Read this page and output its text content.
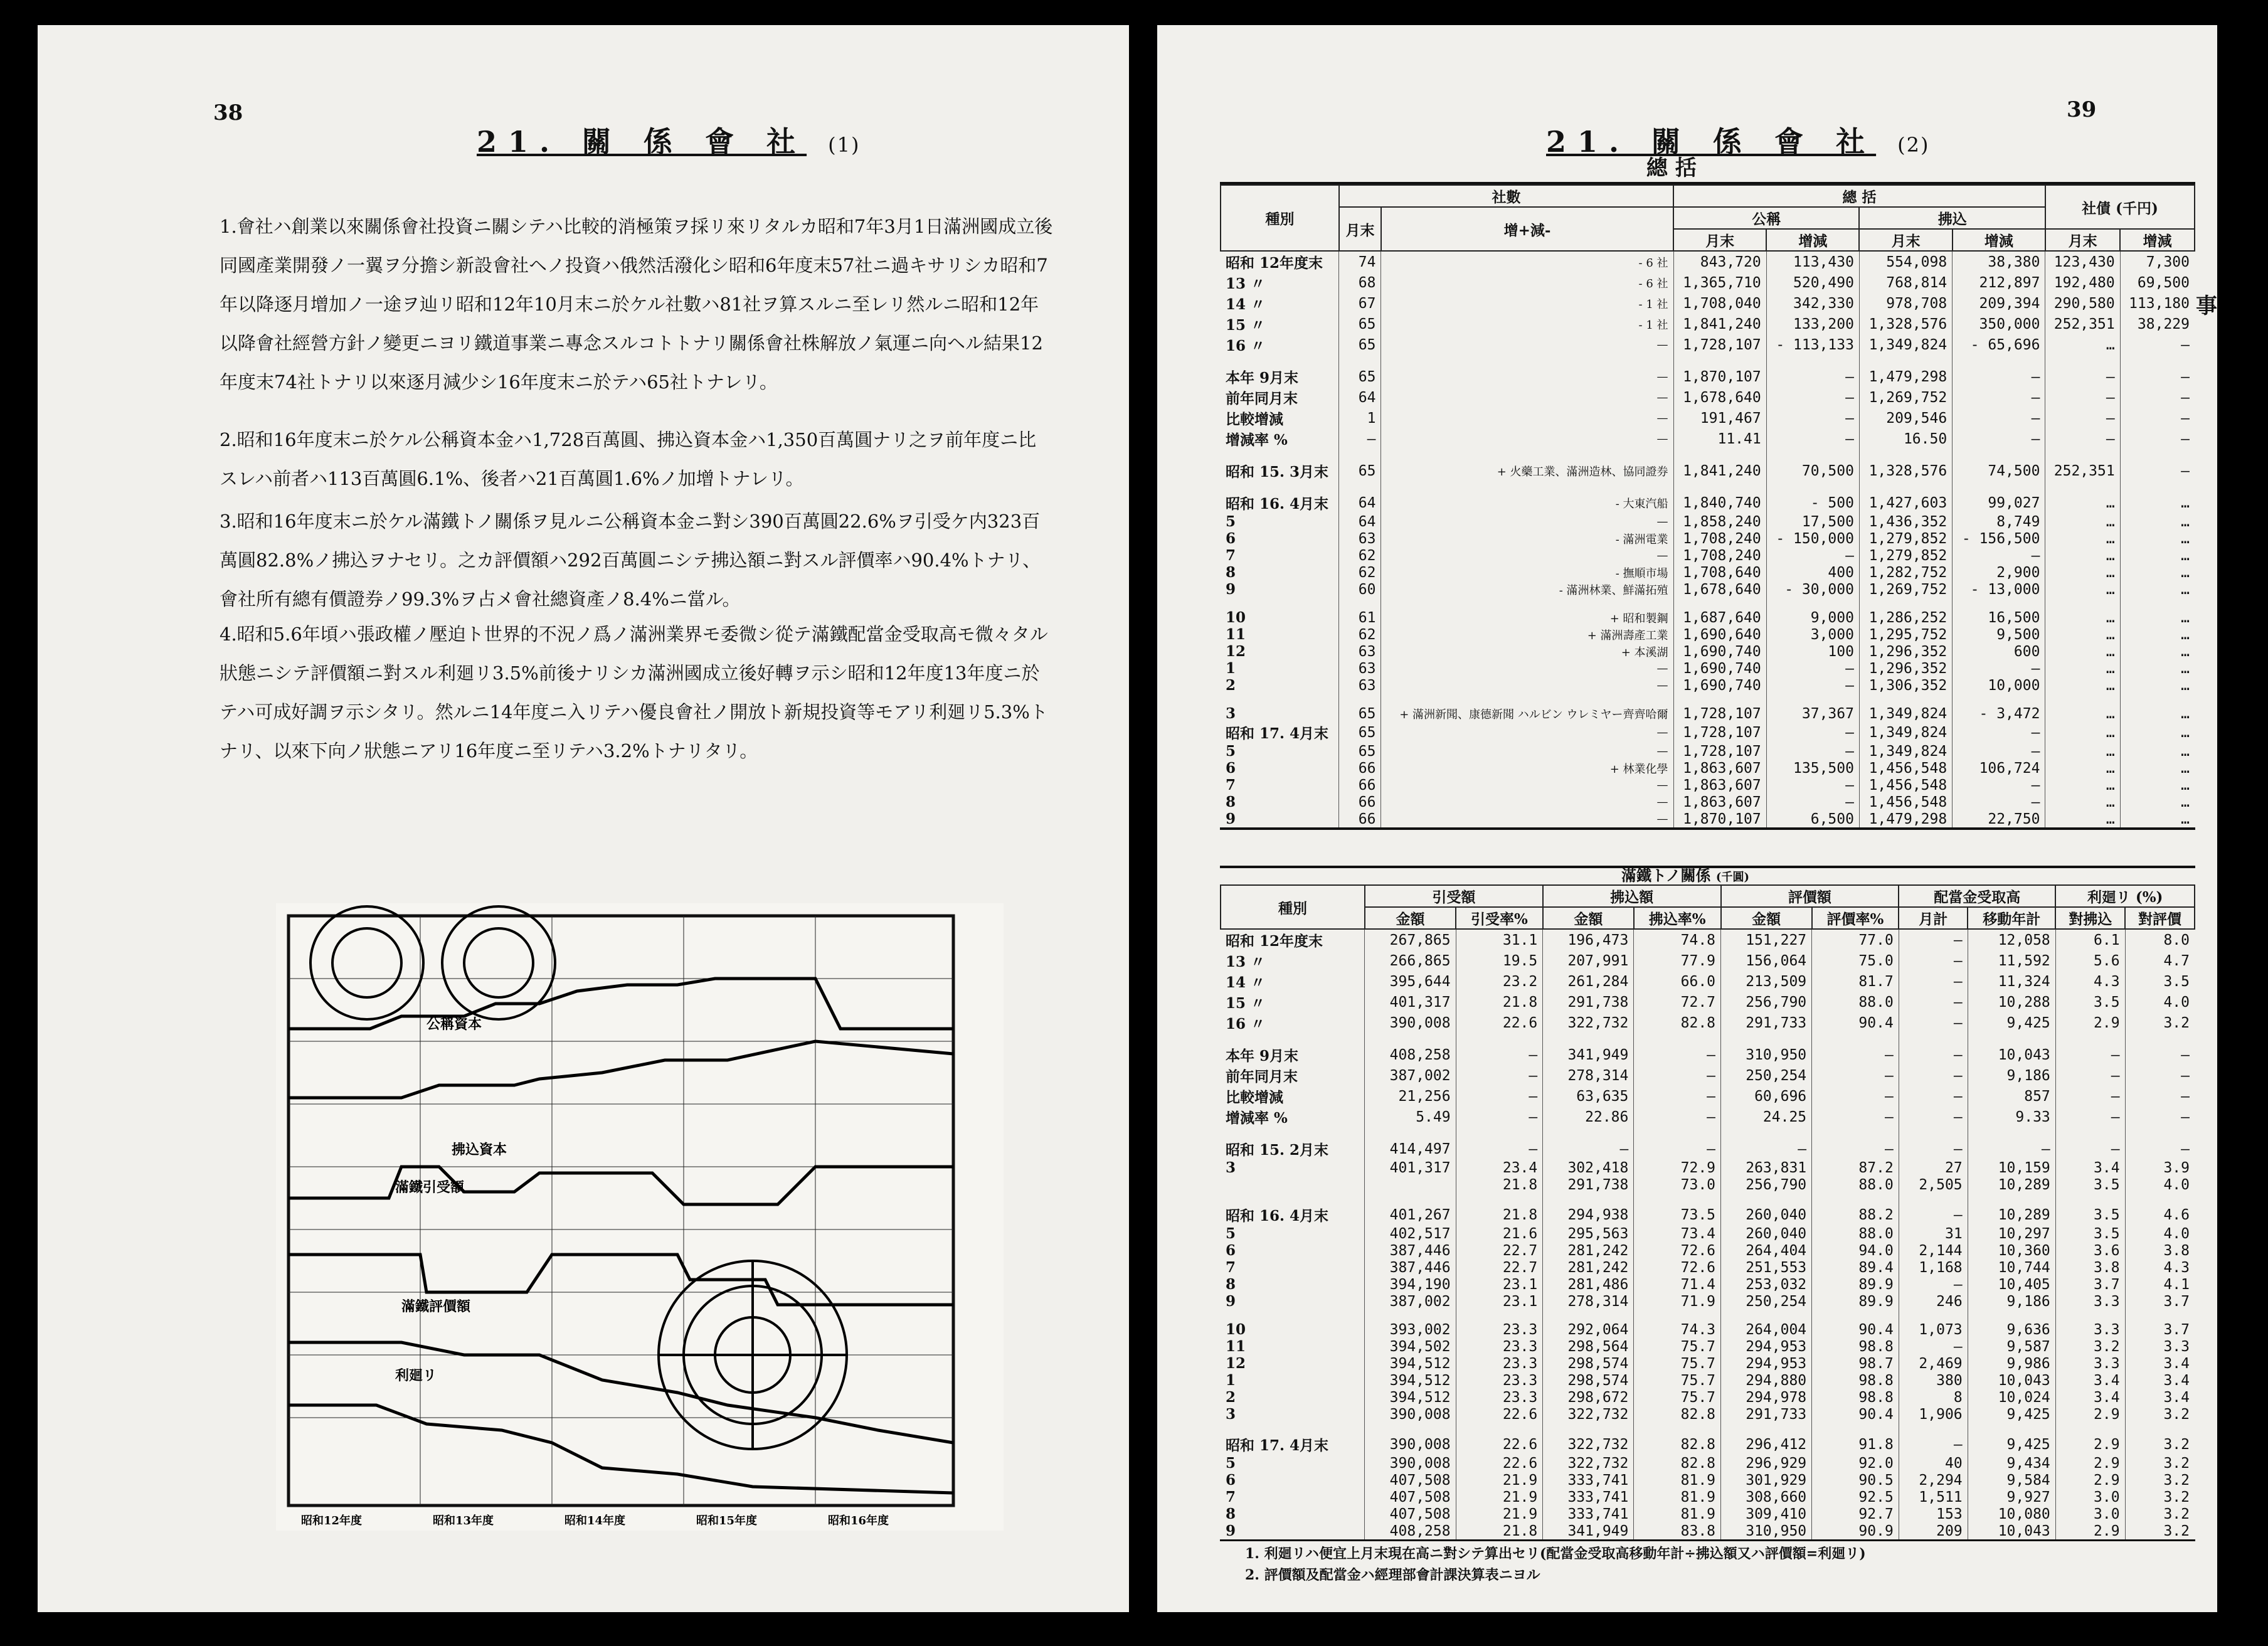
38
21. 關 係 會 社 (1)
1.會社ハ創業以來關係會社投資ニ關シテハ比較的消極策ヲ採リ來リタルカ昭和7年3月1日滿洲國成立後同國產業開發ノ一翼ヲ分擔シ新設會社ヘノ投資ハ俄然活潑化シ昭和6年度末57社ニ過キサリシカ昭和7年以降逐月增加ノ一途ヲ辿リ昭和12年10月末ニ於ケル社數ハ81社ヲ算スルニ至レリ然ルニ昭和12年以降會社經營方針ノ變更ニヨリ鐵道事業ニ專念スルコトトナリ關係會社株解放ノ氣運ニ向ヘル結果12年度末74社トナリ以來逐月減少シ16年度末ニ於テハ65社トナレリ。
2.昭和16年度末ニ於ケル公稱資本金ハ1,728百萬圓、拂込資本金ハ1,350百萬圓ナリ之ヲ前年度ニ比スレハ前者ハ113百萬圓6.1%、後者ハ21百萬圓1.6%ノ加增トナレリ。
3.昭和16年度末ニ於ケル滿鐵トノ關係ヲ見ルニ公稱資本金ニ對シ390百萬圓22.6%ヲ引受ケ内323百萬圓82.8%ノ拂込ヲナセリ。之カ評價額ハ292百萬圓ニシテ拂込額ニ對スル評價率ハ90.4%トナリ、會社所有總有價證券ノ99.3%ヲ占メ會社總資產ノ8.4%ニ當ル。
4.昭和5.6年頃ハ張政權ノ壓迫ト世界的不況ノ爲ノ滿洲業界モ委微シ從テ滿鐵配當金受取高モ微々タル狀態ニシテ評價額ニ對スル利廻リ3.5%前後ナリシカ滿洲國成立後好轉ヲ示シ昭和12年度13年度ニ於テハ可成好調ヲ示シタリ。然ルニ14年度ニ入リテハ優良會社ノ開放ト新規投資等モアリ利廻リ5.3%トナリ、以來下向ノ狀態ニアリ16年度ニ至リテハ3.2%トナリタリ。
公稱資本
拂込資本
滿鐵引受額
滿鐵評價額
利廻リ
昭和12年度	昭和13年度	昭和14年度	昭和15年度	昭和16年度
39
21. 關 係 會 社 (2)
總 括
種別	社數		總 括				社債 (千円)	
	月末	增+減-	公稱		拂込			
			月末	增減	月末	增減	月末	增減
昭和 12年度末	74	- 6 社	843,720	113,430	554,098	38,380	123,430	7,300
13 〃	68	- 6 社	1,365,710	520,490	768,814	212,897	192,480	69,500
14 〃	67	- 1 社	1,708,040	342,330	978,708	209,394	290,580	113,180
15 〃	65	- 1 社	1,841,240	133,200	1,328,576	350,000	252,351	38,229
16 〃	65	—	1,728,107	- 113,133	1,349,824	- 65,696	…	—

本年 9月末	65	—	1,870,107	—	1,479,298	—	—	—
前年同月末	64	—	1,678,640	—	1,269,752	—	—	—
比較增減	1	—	191,467	—	209,546	—	—	—
增減率 %	—	—	11.41	—	16.50	—	—	—

昭和 15. 3月末	65	+ 火藥工業、滿洲造林、協同證券	1,841,240	70,500	1,328,576	74,500	252,351	—

昭和 16. 4月末	64	- 大東汽船	1,840,740	- 500	1,427,603	99,027	…	…
5	64	—	1,858,240	17,500	1,436,352	8,749	…	…
6	63	- 滿洲電業	1,708,240	- 150,000	1,279,852	- 156,500	…	…
7	62	—	1,708,240	—	1,279,852	—	…	…
8	62	- 撫順市場	1,708,640	400	1,282,752	2,900	…	…
9	60	- 滿洲林業、鮮滿拓殖	1,678,640	- 30,000	1,269,752	- 13,000	…	…

10	61	+ 昭和製鋼	1,687,640	9,000	1,286,252	16,500	…	…
11	62	+ 滿洲壽產工業	1,690,640	3,000	1,295,752	9,500	…	…
12	63	+ 本溪湖	1,690,740	100	1,296,352	600	…	…
1	63	—	1,690,740	—	1,296,352	—	…	…
2	63	—	1,690,740	—	1,306,352	10,000	…	…

3	65	+ 滿洲新聞、康德新聞 ハルビン ウレミヤー齊齊哈爾	1,728,107	37,367	1,349,824	- 3,472	…	…
昭和 17. 4月末	65	—	1,728,107	—	1,349,824	—	…	…
5	65	—	1,728,107	—	1,349,824	—	…	…
6	66	+ 林業化學	1,863,607	135,500	1,456,548	106,724	…	…
7	66	—	1,863,607	—	1,456,548	—	…	…
8	66	—	1,863,607	—	1,456,548	—	…	…
9	66	—	1,870,107	6,500	1,479,298	22,750	…	…
滿鐵トノ關係 (千圓)
種別	引受額		拂込額		評價額		配當金受取高		利廻リ (%)	
	金額	引受率%	金額	拂込率%	金額	評價率%	月計	移動年計	對拂込	對評價
昭和 12年度末	267,865	31.1	196,473	74.8	151,227	77.0	—	12,058	6.1	8.0
13 〃	266,865	19.5	207,991	77.9	156,064	75.0	—	11,592	5.6	4.7
14 〃	395,644	23.2	261,284	66.0	213,509	81.7	—	11,324	4.3	3.5
15 〃	401,317	21.8	291,738	72.7	256,790	88.0	—	10,288	3.5	4.0
16 〃	390,008	22.6	322,732	82.8	291,733	90.4	—	9,425	2.9	3.2

本年 9月末	408,258	—	341,949	—	310,950	—	—	10,043	—	—
前年同月末	387,002	—	278,314	—	250,254	—	—	9,186	—	—
比較增減	21,256	—	63,635	—	60,696	—	—	857	—	—
增減率 %	5.49	—	22.86	—	24.25	—	—	9.33	—	—

昭和 15. 2月末	414,497	—	—	—	—	—	—	—	—	—
3	401,317	23.4	302,418	72.9	263,831	87.2	27	10,159	3.4	3.9
		21.8	291,738	73.0	256,790	88.0	2,505	10,289	3.5	4.0

昭和 16. 4月末	401,267	21.8	294,938	73.5	260,040	88.2	—	10,289	3.5	4.6
5	402,517	21.6	295,563	73.4	260,040	88.0	31	10,297	3.5	4.0
6	387,446	22.7	281,242	72.6	264,404	94.0	2,144	10,360	3.6	3.8
7	387,446	22.7	281,242	72.6	251,553	89.4	1,168	10,744	3.8	4.3
8	394,190	23.1	281,486	71.4	253,032	89.9	—	10,405	3.7	4.1
9	387,002	23.1	278,314	71.9	250,254	89.9	246	9,186	3.3	3.7

10	393,002	23.3	292,064	74.3	264,004	90.4	1,073	9,636	3.3	3.7
11	394,502	23.3	298,564	75.7	294,953	98.8	—	9,587	3.2	3.3
12	394,512	23.3	298,574	75.7	294,953	98.7	2,469	9,986	3.3	3.4
1	394,512	23.3	298,574	75.7	294,880	98.8	380	10,043	3.4	3.4
2	394,512	23.3	298,672	75.7	294,978	98.8	8	10,024	3.4	3.4
3	390,008	22.6	322,732	82.8	291,733	90.4	1,906	9,425	2.9	3.2

昭和 17. 4月末	390,008	22.6	322,732	82.8	296,412	91.8	—	9,425	2.9	3.2
5	390,008	22.6	322,732	82.8	296,929	92.0	40	9,434	2.9	3.2
6	407,508	21.9	333,741	81.9	301,929	90.5	2,294	9,584	2.9	3.2
7	407,508	21.9	333,741	81.9	308,660	92.5	1,511	9,927	3.0	3.2
8	407,508	21.9	333,741	81.9	309,410	92.7	153	10,080	3.0	3.2
9	408,258	21.8	341,949	83.8	310,950	90.9	209	10,043	2.9	3.2
1. 利廻リハ便宜上月末現在高ニ對シテ算出セリ(配當金受取高移動年計÷拂込額又ハ評價額=利廻リ)
2. 評價額及配當金ハ經理部會計課決算表ニヨル
事
